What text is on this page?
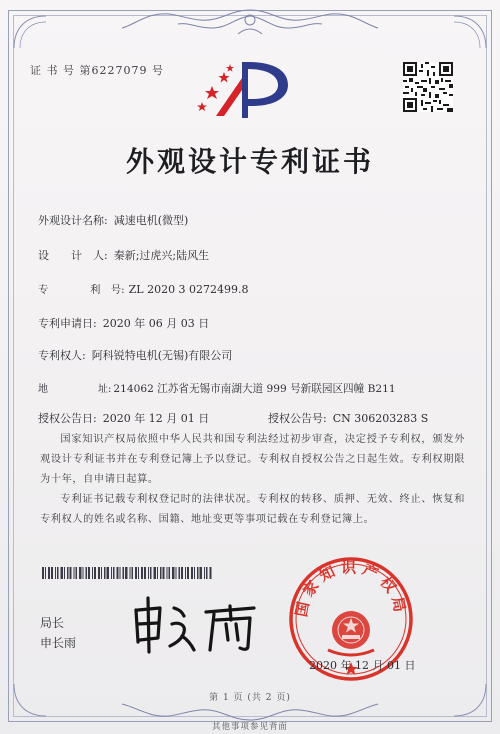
证 书 号 第6227079 号
外观设计专利证书
外观设计名称: 减速电机(微型)
设　　计　人: 秦新;过虎兴;陆风生
专　　　　利　号: ZL 2020 3 0272499.8
专利申请日: 2020 年 06 月 03 日
专利权人: 阿科锐特电机(无锡)有限公司
地　　　　　址: 214062 江苏省无锡市南湖大道 999 号新联园区四幢 B211
授权公告日: 2020 年 12 月 01 日	授权公告号: CN 306203283 S
国家知识产权局依照中华人民共和国专利法经过初步审查，决定授予专利权，颁发外观设计专利证书并在专利登记簿上予以登记。专利权自授权公告之日起生效。专利权期限为十年，自申请日起算。
专利证书记载专利权登记时的法律状况。专利权的转移、质押、无效、终止、恢复和专利权人的姓名或名称、国籍、地址变更等事项记载在专利登记簿上。
局长
申长雨
国家知识产权局
2020 年 12 月 01 日
第 1 页 (共 2 页)
其他事项参见背面
